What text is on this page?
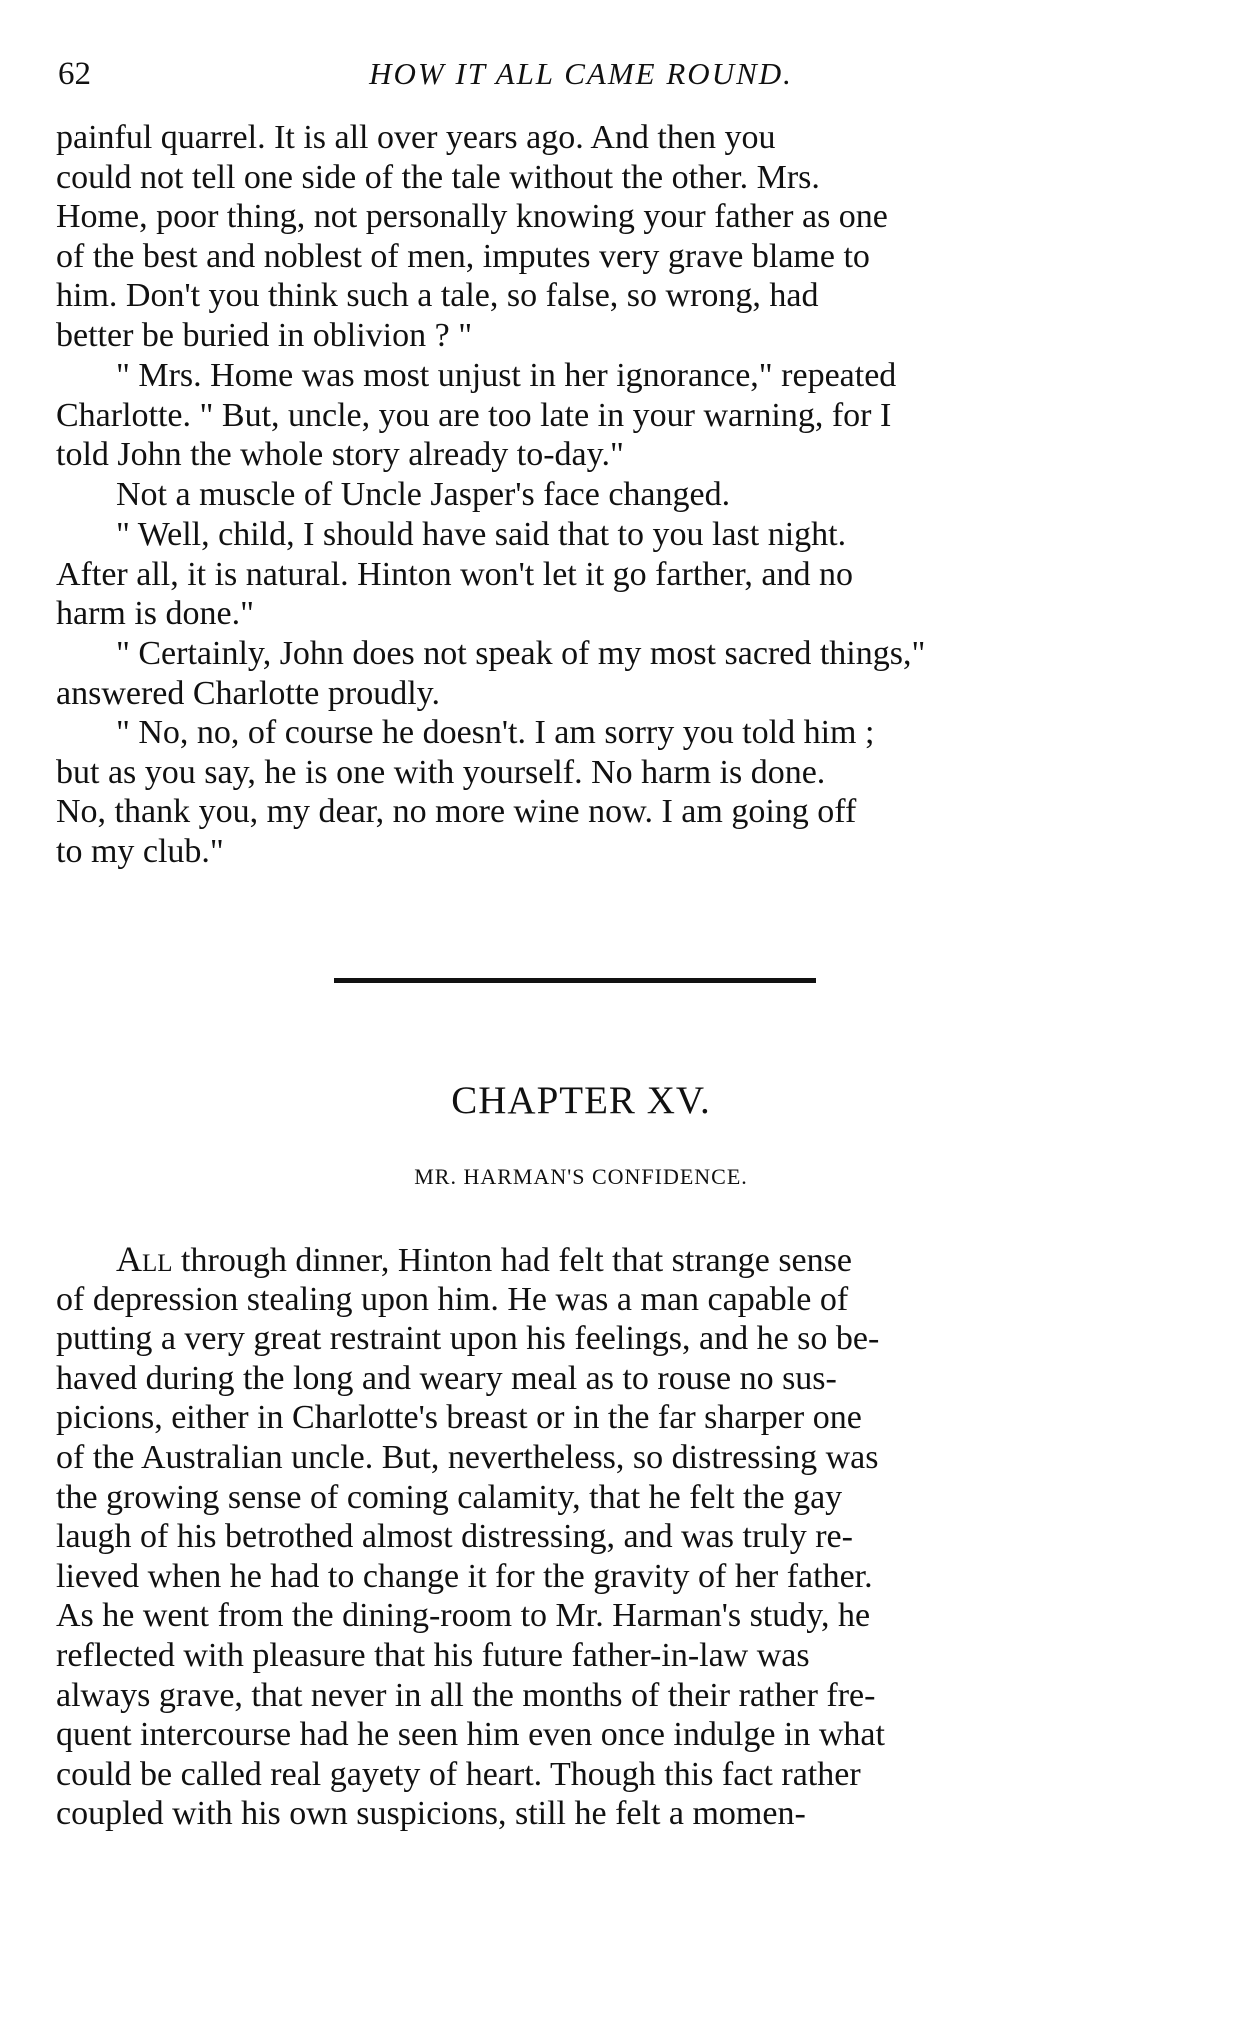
62	HOW IT ALL CAME ROUND.
painful quarrel. It is all over years ago. And then you
could not tell one side of the tale without the other. Mrs.
Home, poor thing, not personally knowing your father as one
of the best and noblest of men, imputes very grave blame to
him. Don't you think such a tale, so false, so wrong, had
better be buried in oblivion ? "
" Mrs. Home was most unjust in her ignorance," repeated
Charlotte. " But, uncle, you are too late in your warning, for I
told John the whole story already to-day."
Not a muscle of Uncle Jasper's face changed.
" Well, child, I should have said that to you last night.
After all, it is natural. Hinton won't let it go farther, and no
harm is done."
" Certainly, John does not speak of my most sacred things,"
answered Charlotte proudly.
" No, no, of course he doesn't. I am sorry you told him ;
but as you say, he is one with yourself. No harm is done.
No, thank you, my dear, no more wine now. I am going off
to my club."
CHAPTER XV.
MR. HARMAN'S CONFIDENCE.
All through dinner, Hinton had felt that strange sense
of depression stealing upon him. He was a man capable of
putting a very great restraint upon his feelings, and he so be-
haved during the long and weary meal as to rouse no sus-
picions, either in Charlotte's breast or in the far sharper one
of the Australian uncle. But, nevertheless, so distressing was
the growing sense of coming calamity, that he felt the gay
laugh of his betrothed almost distressing, and was truly re-
lieved when he had to change it for the gravity of her father.
As he went from the dining-room to Mr. Harman's study, he
reflected with pleasure that his future father-in-law was
always grave, that never in all the months of their rather fre-
quent intercourse had he seen him even once indulge in what
could be called real gayety of heart. Though this fact rather
coupled with his own suspicions, still he felt a momen-
